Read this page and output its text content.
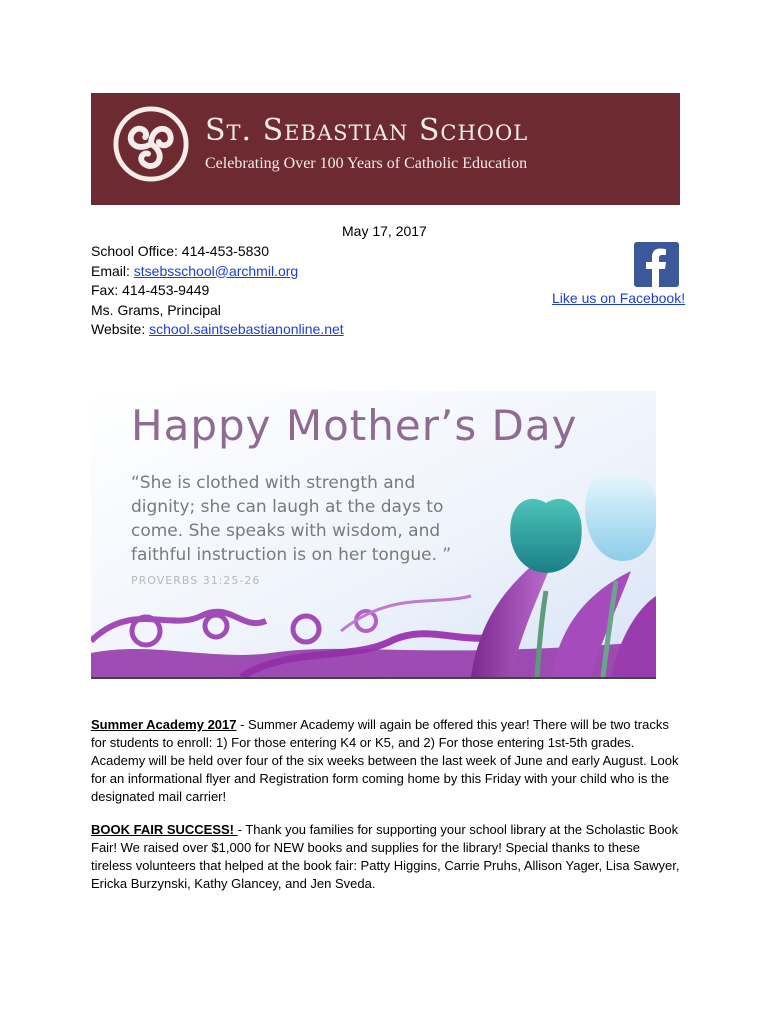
St. Sebastian School
Celebrating Over 100 Years of Catholic Education
May 17, 2017
School Office: 414-453-5830
Email: stsebsschool@archmil.org
Fax: 414-453-9449
Ms. Grams, Principal
Website: school.saintsebastianonline.net
Like us on Facebook!
Happy Mother’s Day
“She is clothed with strength and dignity; she can laugh at the days to come. She speaks with wisdom, and faithful instruction is on her tongue. ” PROVERBS 31:25-26
Summer Academy 2017 - Summer Academy will again be offered this year! There will be two tracks for students to enroll: 1) For those entering K4 or K5, and 2) For those entering 1st-5th grades. Academy will be held over four of the six weeks between the last week of June and early August. Look for an informational flyer and Registration form coming home by this Friday with your child who is the designated mail carrier!
BOOK FAIR SUCCESS! - Thank you families for supporting your school library at the Scholastic Book Fair! We raised over $1,000 for NEW books and supplies for the library! Special thanks to these tireless volunteers that helped at the book fair: Patty Higgins, Carrie Pruhs, Allison Yager, Lisa Sawyer, Ericka Burzynski, Kathy Glancey, and Jen Sveda.
